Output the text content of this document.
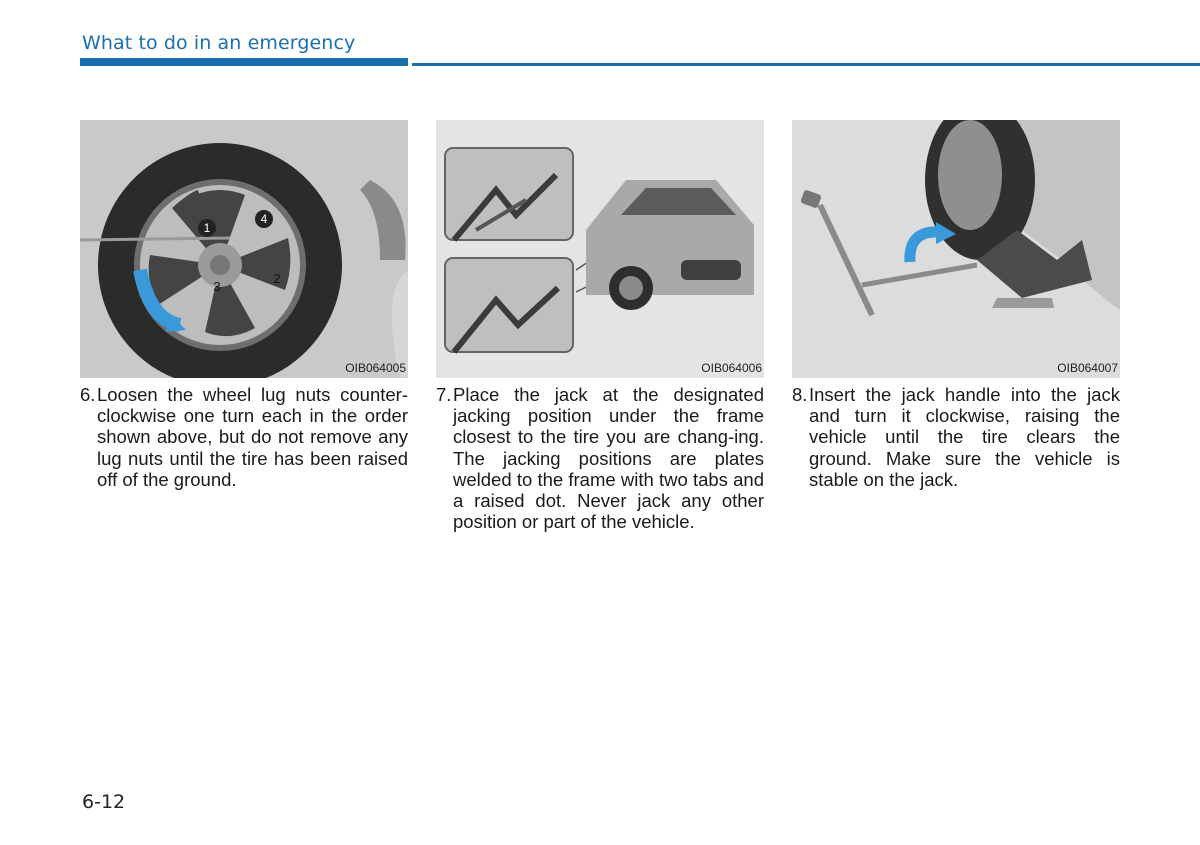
What to do in an emergency
1
2
3
4
OIB064005	OIB064006	OIB064007
6. Loosen the wheel lug nuts counter-clockwise one turn each in the order shown above, but do not remove any lug nuts until the tire has been raised off of the ground.
7. Place the jack at the designated jacking position under the frame closest to the tire you are chang-ing. The jacking positions are plates welded to the frame with two tabs and a raised dot. Never jack any other position or part of the vehicle.
8. Insert the jack handle into the jack and turn it clockwise, raising the vehicle until the tire clears the ground. Make sure the vehicle is stable on the jack.
6-12
